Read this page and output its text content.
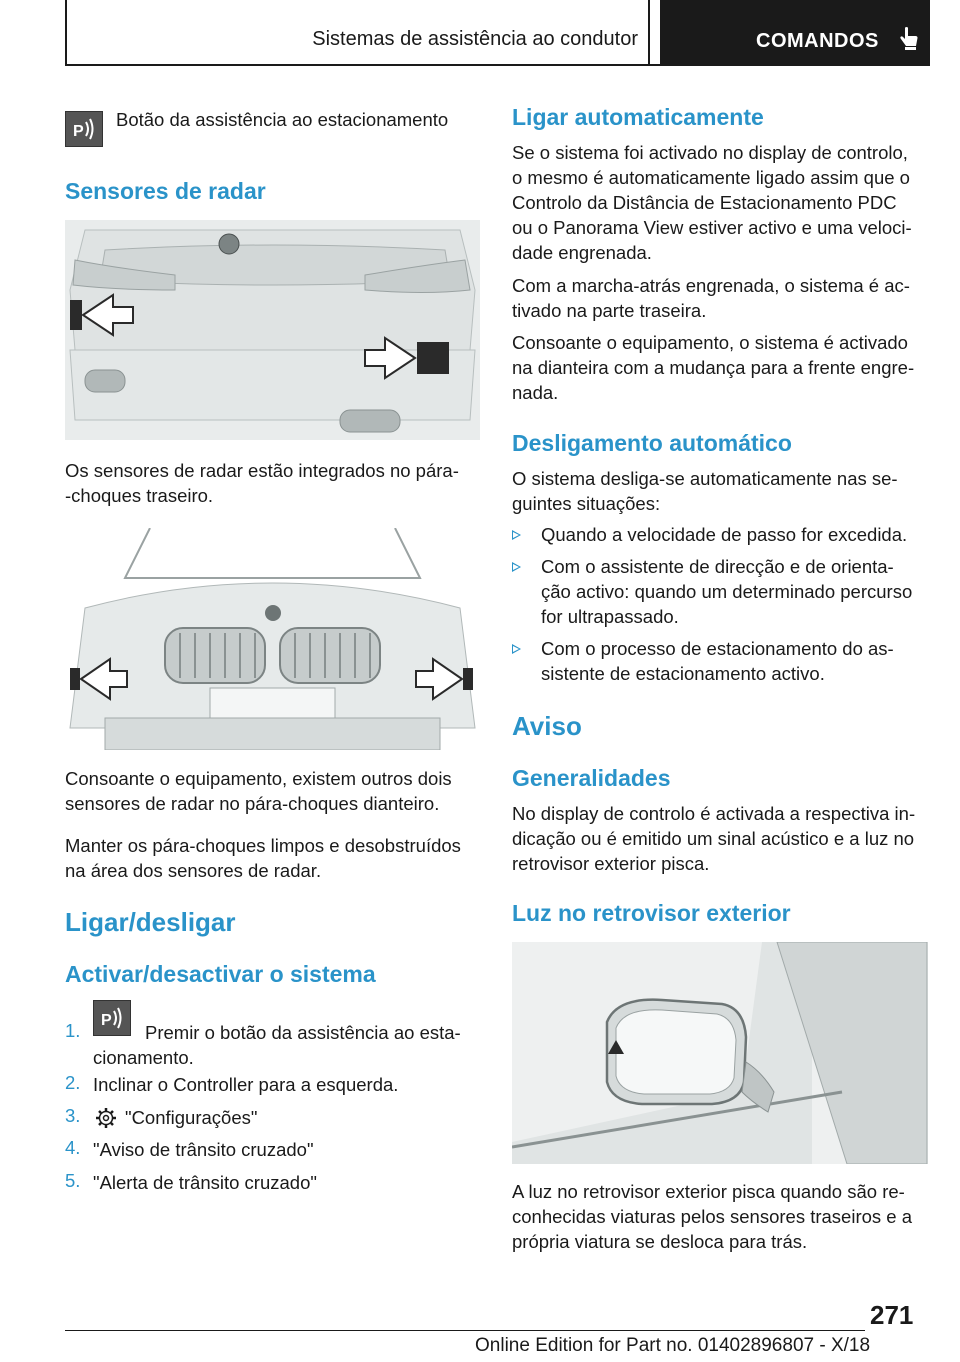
Sistemas de assistência ao condutor	COMANDOS
P

Botão da assistência ao estacionamento

Sensores de radar

Os sensores de radar estão integrados no pára-

-choques traseiro.

Consoante o equipamento, existem outros dois

sensores de radar no pára-choques dianteiro.

Manter os pára-choques limpos e desobstruídos

na área dos sensores de radar.

Ligar/desligar
Activar/desactivar o sistema
1. P
Premir o botão da assistência ao esta-
cionamento.
2. Inclinar o Controller para a esquerda.
3. "Configurações"
4. "Aviso de trânsito cruzado"
5. "Alerta de trânsito cruzado"
Ligar automaticamente

Se o sistema foi activado no display de controlo,

o mesmo é automaticamente ligado assim que o

Controlo da Distância de Estacionamento PDC

ou o Panorama View estiver activo e uma veloci-

dade engrenada.

Com a marcha-atrás engrenada, o sistema é ac-

tivado na parte traseira.

Consoante o equipamento, o sistema é activado

na dianteira com a mudança para a frente engre-

nada.

Desligamento automático

O sistema desliga-se automaticamente nas se-

guintes situações:

Quando a velocidade de passo for excedida.
Com o assistente de direcção e de orienta-
ção activo: quando um determinado percurso
for ultrapassado.
Com o processo de estacionamento do as-
sistente de estacionamento activo.
Aviso
Generalidades

No display de controlo é activada a respectiva in-

dicação ou é emitido um sinal acústico e a luz no

retrovisor exterior pisca.

Luz no retrovisor exterior

A luz no retrovisor exterior pisca quando são re-

conhecidas viaturas pelos sensores traseiros e a

própria viatura se desloca para trás.

271
Online Edition for Part no. 01402896807 - X/18
